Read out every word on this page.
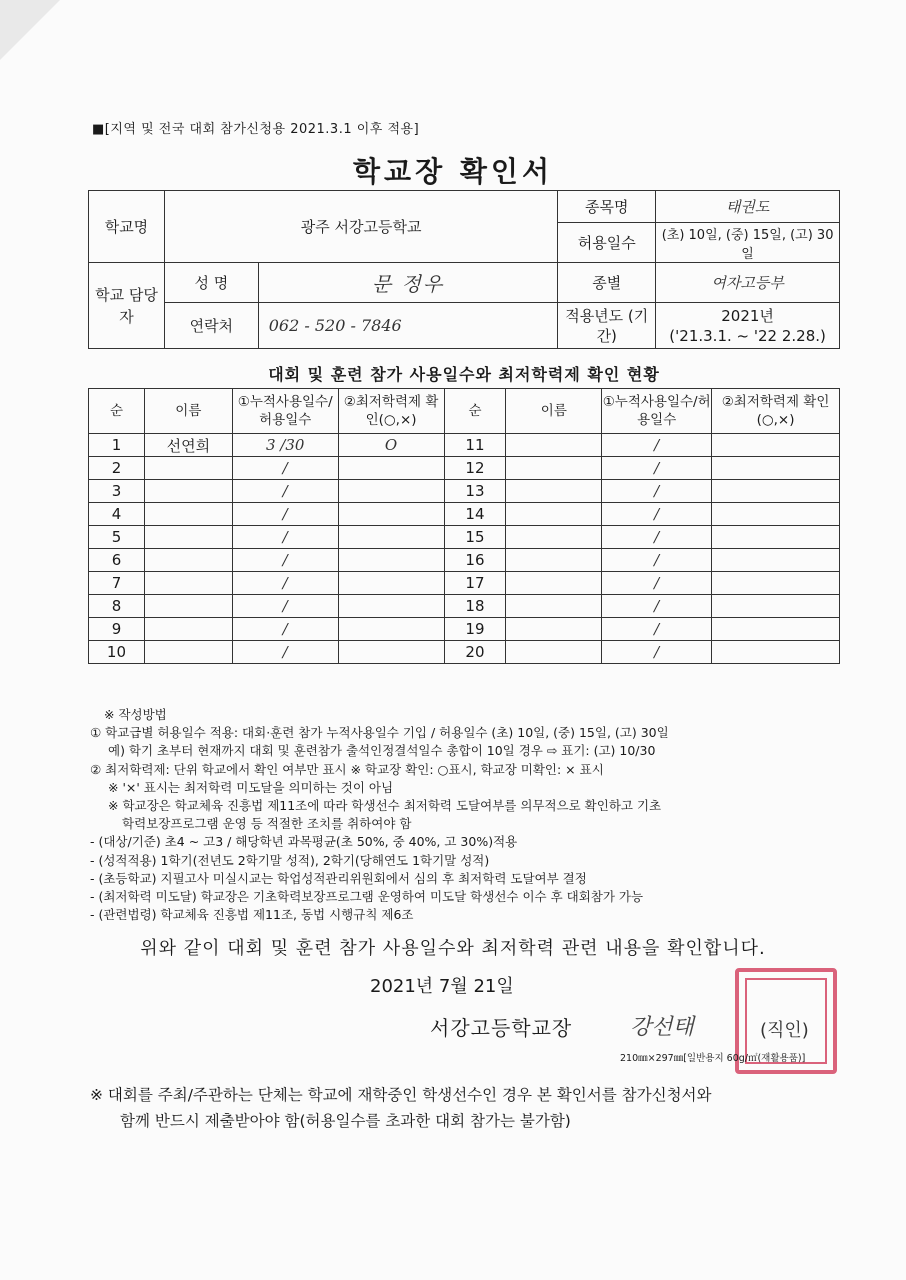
■[지역 및 전국 대회 참가신청용 2021.3.1 이후 적용]
학교장 확인서
학교명	광주 서강고등학교		종목명	태권도
			허용일수	(초) 10일, (중) 15일, (고) 30일
학교 담당자	성 명	문 정우	종별	여자고등부
	연락처	062 - 520 - 7846	적용년도 (기간)	2021년
('21.3.1. ~ '22 2.28.)
대회 및 훈련 참가 사용일수와 최저학력제 확인 현황
순	이름	①누적사용일수/허용일수	②최저학력제 확인(○,×)	순	이름	①누적사용일수/허용일수	②최저학력제 확인(○,×)
1	선연희	3 /30	O	11		/	
2		/		12		/	
3		/		13		/	
4		/		14		/	
5		/		15		/	
6		/		16		/	
7		/		17		/	
8		/		18		/	
9		/		19		/	
10		/		20		/	
※ 작성방법
① 학교급별 허용일수 적용: 대회·훈련 참가 누적사용일수 기입 / 허용일수 (초) 10일, (중) 15일, (고) 30일
예) 학기 초부터 현재까지 대회 및 훈련참가 출석인정결석일수 총합이 10일 경우 ⇨ 표기: (고) 10/30
② 최저학력제: 단위 학교에서 확인 여부만 표시 ※ 학교장 확인: ○표시, 학교장 미확인: × 표시
※ '×' 표시는 최저학력 미도달을 의미하는 것이 아님
※ 학교장은 학교체육 진흥법 제11조에 따라 학생선수 최저학력 도달여부를 의무적으로 확인하고 기초
학력보장프로그램 운영 등 적절한 조치를 취하여야 함
- (대상/기준) 초4 ~ 고3 / 해당학년 과목평균(초 50%, 중 40%, 고 30%)적용
- (성적적용) 1학기(전년도 2학기말 성적), 2학기(당해연도 1학기말 성적)
- (초등학교) 지필고사 미실시교는 학업성적관리위원회에서 심의 후 최저학력 도달여부 결정
- (최저학력 미도달) 학교장은 기초학력보장프로그램 운영하여 미도달 학생선수 이수 후 대회참가 가능
- (관련법령) 학교체육 진흥법 제11조, 동법 시행규칙 제6조
위와 같이 대회 및 훈련 참가 사용일수와 최저학력 관련 내용을 확인합니다.
2021년 7월 21일
서강고등학교장	강선태	(직인)
210㎜×297㎜[일반용지 60g/㎡(재활용품)]
※ 대회를 주최/주관하는 단체는 학교에 재학중인 학생선수인 경우 본 확인서를 참가신청서와
함께 반드시 제출받아야 함(허용일수를 초과한 대회 참가는 불가함)
